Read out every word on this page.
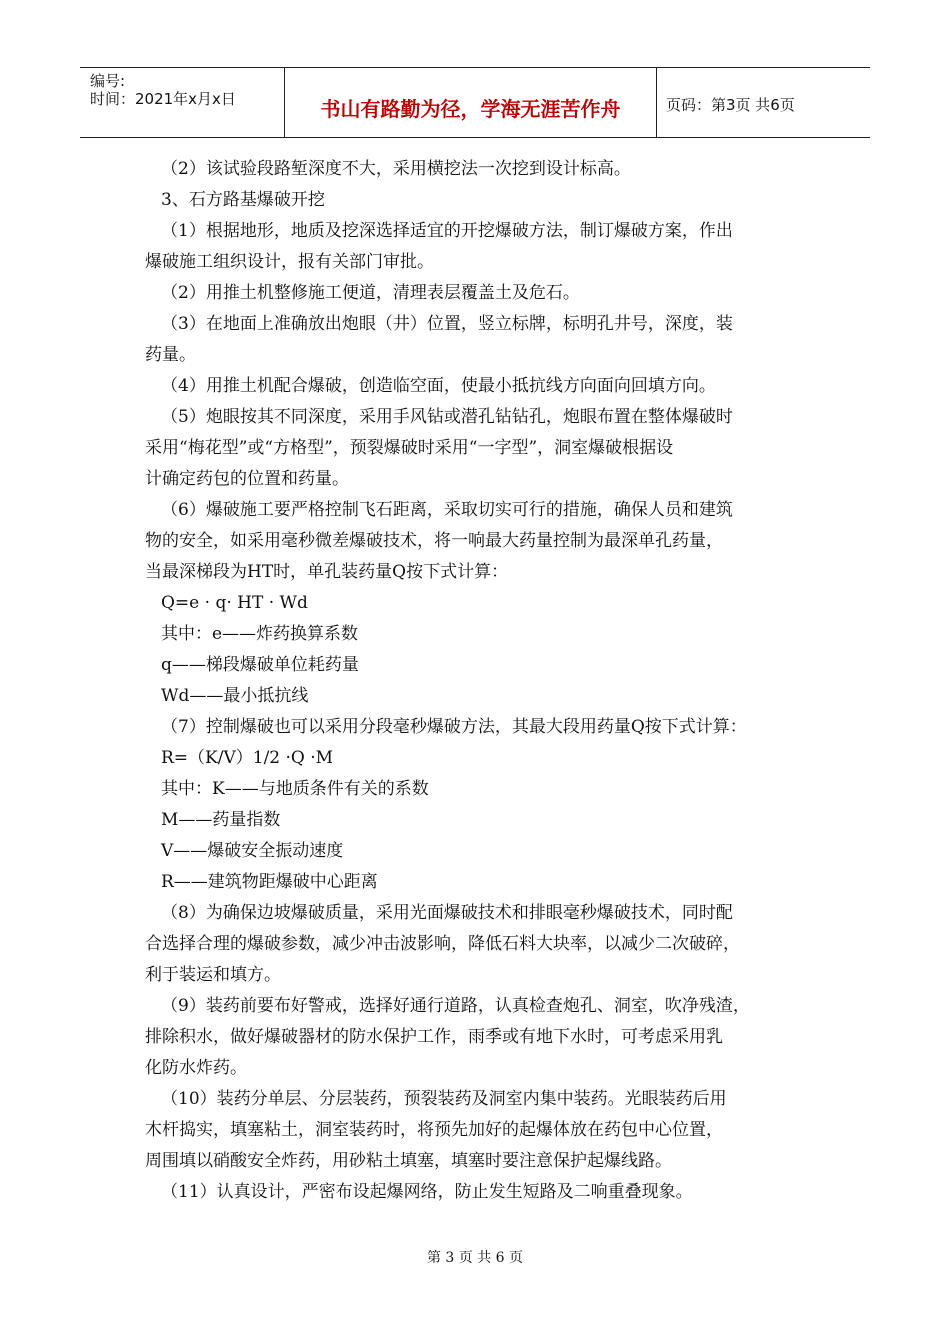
编号:
时间：2021年x月x日	书山有路勤为径，学海无涯苦作舟	页码：第3页 共6页
（2）该试验段路堑深度不大，采用横挖法一次挖到设计标高。
3、石方路基爆破开挖
（1）根据地形，地质及挖深选择适宜的开挖爆破方法，制订爆破方案，作出
爆破施工组织设计，报有关部门审批。
（2）用推土机整修施工便道，清理表层覆盖土及危石。
（3）在地面上准确放出炮眼（井）位置，竖立标牌，标明孔井号，深度，装
药量。
（4）用推土机配合爆破，创造临空面，使最小抵抗线方向面向回填方向。
（5）炮眼按其不同深度，采用手风钻或潜孔钻钻孔，炮眼布置在整体爆破时
采用“梅花型”或“方格型”，预裂爆破时采用“一字型”，洞室爆破根据设
计确定药包的位置和药量。
（6）爆破施工要严格控制飞石距离，采取切实可行的措施，确保人员和建筑
物的安全，如采用毫秒微差爆破技术，将一响最大药量控制为最深单孔药量，
当最深梯段为HT时，单孔装药量Q按下式计算：
Q=e · q· HT · Wd
其中：e——炸药换算系数
q——梯段爆破单位耗药量
Wd——最小抵抗线
（7）控制爆破也可以采用分段毫秒爆破方法，其最大段用药量Q按下式计算：
R=（K/V）1/2 ·Q ·M
其中：K——与地质条件有关的系数
M——药量指数
V——爆破安全振动速度
R——建筑物距爆破中心距离
（8）为确保边坡爆破质量，采用光面爆破技术和排眼毫秒爆破技术，同时配
合选择合理的爆破参数，减少冲击波影响，降低石料大块率，以减少二次破碎，
利于装运和填方。
（9）装药前要布好警戒，选择好通行道路，认真检查炮孔、洞室，吹净残渣，
排除积水，做好爆破器材的防水保护工作，雨季或有地下水时，可考虑采用乳
化防水炸药。
（10）装药分单层、分层装药，预裂装药及洞室内集中装药。光眼装药后用
木杆捣实，填塞粘土，洞室装药时，将预先加好的起爆体放在药包中心位置，
周围填以硝酸安全炸药，用砂粘土填塞，填塞时要注意保护起爆线路。
（11）认真设计，严密布设起爆网络，防止发生短路及二响重叠现象。
第 3 页 共 6 页
